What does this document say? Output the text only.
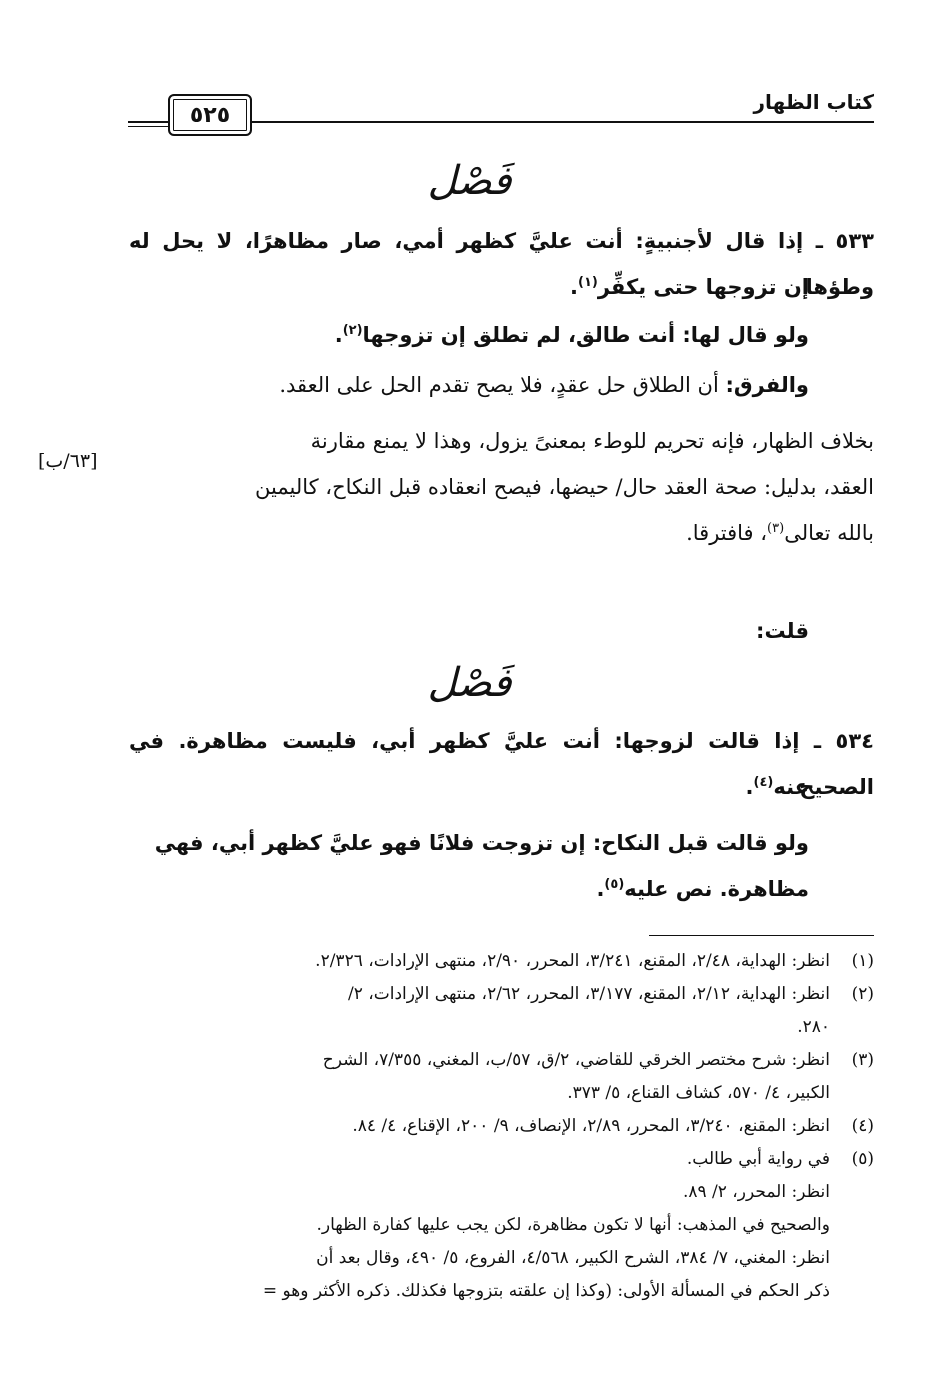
كتاب الظهار
٥٢٥
فَصْل
٥٣٣ ـ إذا قال لأجنبيةٍ: أنت عليَّ كظهر أمي، صار مظاهرًا، لا يحل له وطؤها
إن تزوجها حتى يكفِّر$^{(١)}$.
ولو قال لها: أنت طالق، لم تطلق إن تزوجها$^{(٢)}$.
والفرق: أن الطلاق حل عقدٍ، فلا يصح تقدم الحل على العقد.
بخلاف الظهار، فإنه تحريم للوطء بمعنىً يزول، وهذا لا يمنع مقارنة
العقد، بدليل: صحة العقد حال/ حيضها، فيصح انعقاده قبل النكاح، كاليمين
بالله تعالى$^{(٣)}$، فافترقا.
[٦٣/ب]
قلت:
فَصْل
٥٣٤ ـ إذا قالت لزوجها: أنت عليَّ كظهر أبي، فليست مظاهرة. في الصحيح
عنه$^{(٤)}$.
ولو قالت قبل النكاح: إن تزوجت فلانًا فهو عليَّ كظهر أبي، فهي
مظاهرة. نص عليه$^{(٥)}$.
(١)
انظر: الهداية، ٢/٤٨، المقنع، ٣/٢٤١، المحرر، ٢/٩٠، منتهى الإرادات، ٢/٣٢٦.
(٢)
انظر: الهداية، ٢/١٢، المقنع، ٣/١٧٧، المحرر، ٢/٦٢، منتهى الإرادات، ٢/
٢٨٠.
(٣)
انظر: شرح مختصر الخرقي للقاضي، ٢/ق، ٥٧/ب، المغني، ٧/٣٥٥، الشرح
الكبير، ٤/ ٥٧٠، كشاف القناع، ٥/ ٣٧٣.
(٤)
انظر: المقنع، ٣/٢٤٠، المحرر، ٢/٨٩، الإنصاف، ٩/ ٢٠٠، الإقناع، ٤/ ٨٤.
(٥)
في رواية أبي طالب.
انظر: المحرر، ٢/ ٨٩.
والصحيح في المذهب: أنها لا تكون مظاهرة، لكن يجب عليها كفارة الظهار.
انظر: المغني، ٧/ ٣٨٤، الشرح الكبير، ٤/٥٦٨، الفروع، ٥/ ٤٩٠، وقال بعد أن
ذكر الحكم في المسألة الأولى: (وكذا إن علقته بتزوجها فكذلك. ذكره الأكثر وهو =
